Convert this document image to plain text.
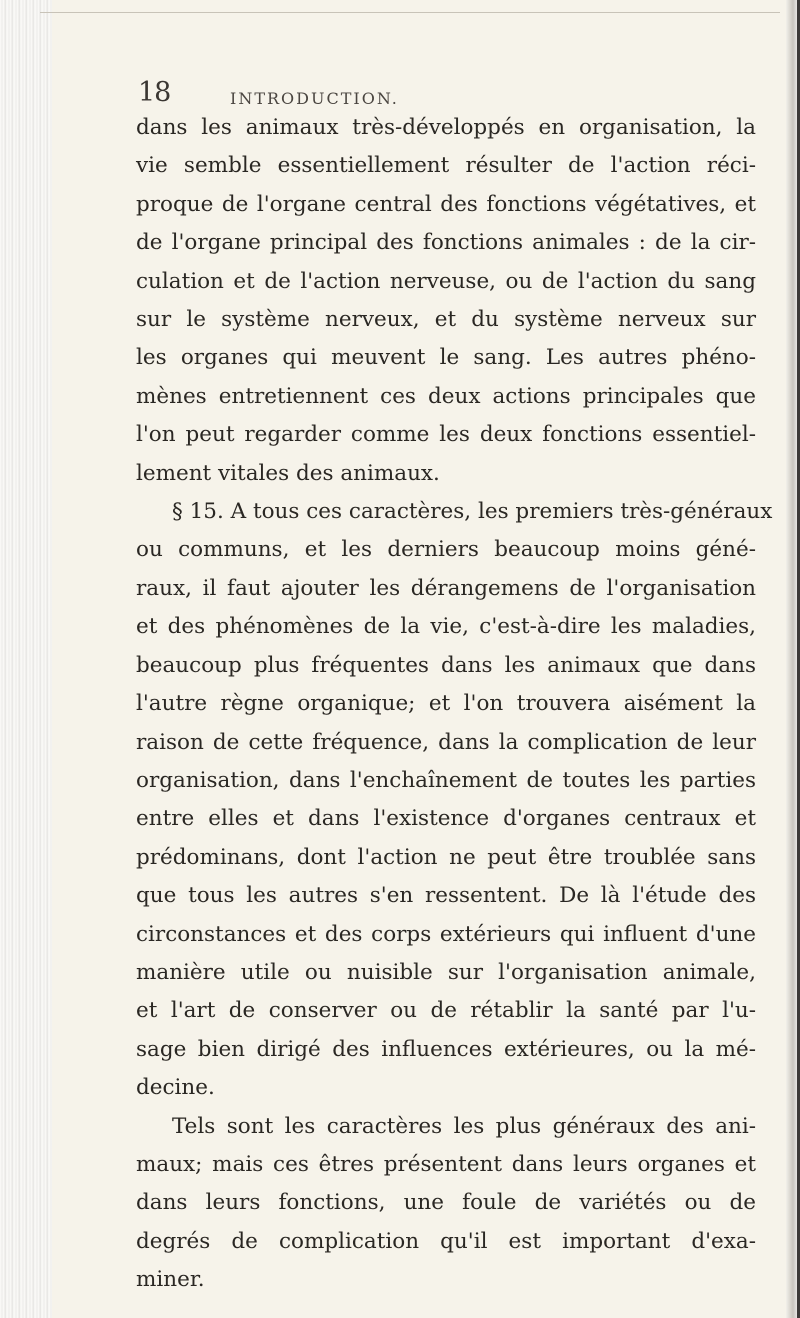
18	INTRODUCTION.
dans les animaux très-développés en organisation, la
vie semble essentiellement résulter de l'action réci-
proque de l'organe central des fonctions végétatives, et
de l'organe principal des fonctions animales : de la cir-
culation et de l'action nerveuse, ou de l'action du sang
sur le système nerveux, et du système nerveux sur
les organes qui meuvent le sang. Les autres phéno-
mènes entretiennent ces deux actions principales que
l'on peut regarder comme les deux fonctions essentiel-
lement vitales des animaux.
§ 15. A tous ces caractères, les premiers très-généraux
ou communs, et les derniers beaucoup moins géné-
raux, il faut ajouter les dérangemens de l'organisation
et des phénomènes de la vie, c'est-à-dire les maladies,
beaucoup plus fréquentes dans les animaux que dans
l'autre règne organique; et l'on trouvera aisément la
raison de cette fréquence, dans la complication de leur
organisation, dans l'enchaînement de toutes les parties
entre elles et dans l'existence d'organes centraux et
prédominans, dont l'action ne peut être troublée sans
que tous les autres s'en ressentent. De là l'étude des
circonstances et des corps extérieurs qui influent d'une
manière utile ou nuisible sur l'organisation animale,
et l'art de conserver ou de rétablir la santé par l'u-
sage bien dirigé des influences extérieures, ou la mé-
decine.
Tels sont les caractères les plus généraux des ani-
maux; mais ces êtres présentent dans leurs organes et
dans leurs fonctions, une foule de variétés ou de
degrés de complication qu'il est important d'exa-
miner.
